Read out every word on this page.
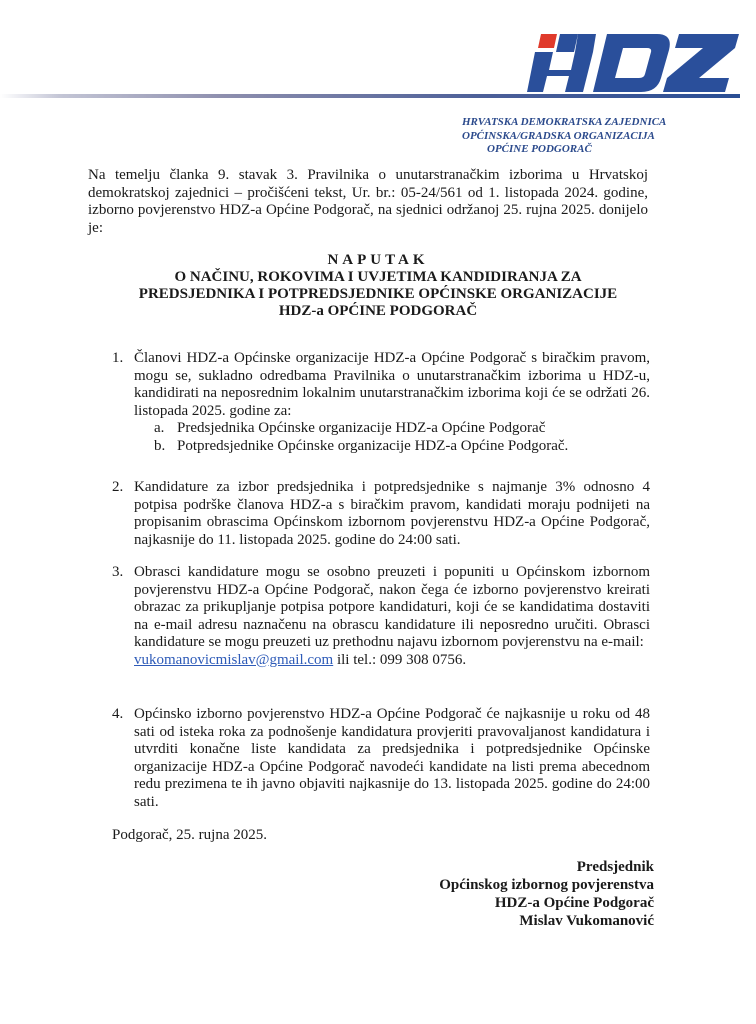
HRVATSKA DEMOKRATSKA ZAJEDNICA
OPĆINSKA/GRADSKA ORGANIZACIJA
OPĆINE PODGORAČ
Na temelju članka 9. stavak 3. Pravilnika o unutarstranačkim izborima u Hrvatskoj demokratskoj zajednici – pročišćeni tekst, Ur. br.: 05-24/561 od 1. listopada 2024. godine, izborno povjerenstvo HDZ-a Općine Podgorač, na sjednici održanoj 25. rujna 2025. donijelo je:
NAPUTAK
O NAČINU, ROKOVIMA I UVJETIMA KANDIDIRANJA ZA
PREDSJEDNIKA I POTPREDSJEDNIKE OPĆINSKE ORGANIZACIJE
HDZ-a OPĆINE PODGORAČ
1. Članovi HDZ-a Općinske organizacije HDZ-a Općine Podgorač s biračkim pravom, mogu se, sukladno odredbama Pravilnika o unutarstranačkim izborima u HDZ-u, kandidirati na neposrednim lokalnim unutarstranačkim izborima koji će se održati 26. listopada 2025. godine za:
a. Predsjednika Općinske organizacije HDZ-a Općine Podgorač
b. Potpredsjednike Općinske organizacije HDZ-a Općine Podgorač.
2. Kandidature za izbor predsjednika i potpredsjednike s najmanje 3% odnosno 4 potpisa podrške članova HDZ-a s biračkim pravom, kandidati moraju podnijeti na propisanim obrascima Općinskom izbornom povjerenstvu HDZ-a Općine Podgorač, najkasnije do 11. listopada 2025. godine do 24:00 sati.
3. Obrasci kandidature mogu se osobno preuzeti i popuniti u Općinskom izbornom povjerenstvu HDZ-a Općine Podgorač, nakon čega će izborno povjerenstvo kreirati obrazac za prikupljanje potpisa potpore kandidaturi, koji će se kandidatima dostaviti na e-mail adresu naznačenu na obrascu kandidature ili neposredno uručiti. Obrasci kandidature se mogu preuzeti uz prethodnu najavu izbornom povjerenstvu na e-mail:
vukomanovicmislav@gmail.com ili tel.: 099 308 0756.
4. Općinsko izborno povjerenstvo HDZ-a Općine Podgorač će najkasnije u roku od 48 sati od isteka roka za podnošenje kandidatura provjeriti pravovaljanost kandidatura i utvrditi konačne liste kandidata za predsjednika i potpredsjednike Općinske organizacije HDZ-a Općine Podgorač navodeći kandidate na listi prema abecednom redu prezimena te ih javno objaviti najkasnije do 13. listopada 2025. godine do 24:00 sati.
Podgorač, 25. rujna 2025.
Predsjednik
Općinskog izbornog povjerenstva
HDZ-a Općine Podgorač
Mislav Vukomanović
